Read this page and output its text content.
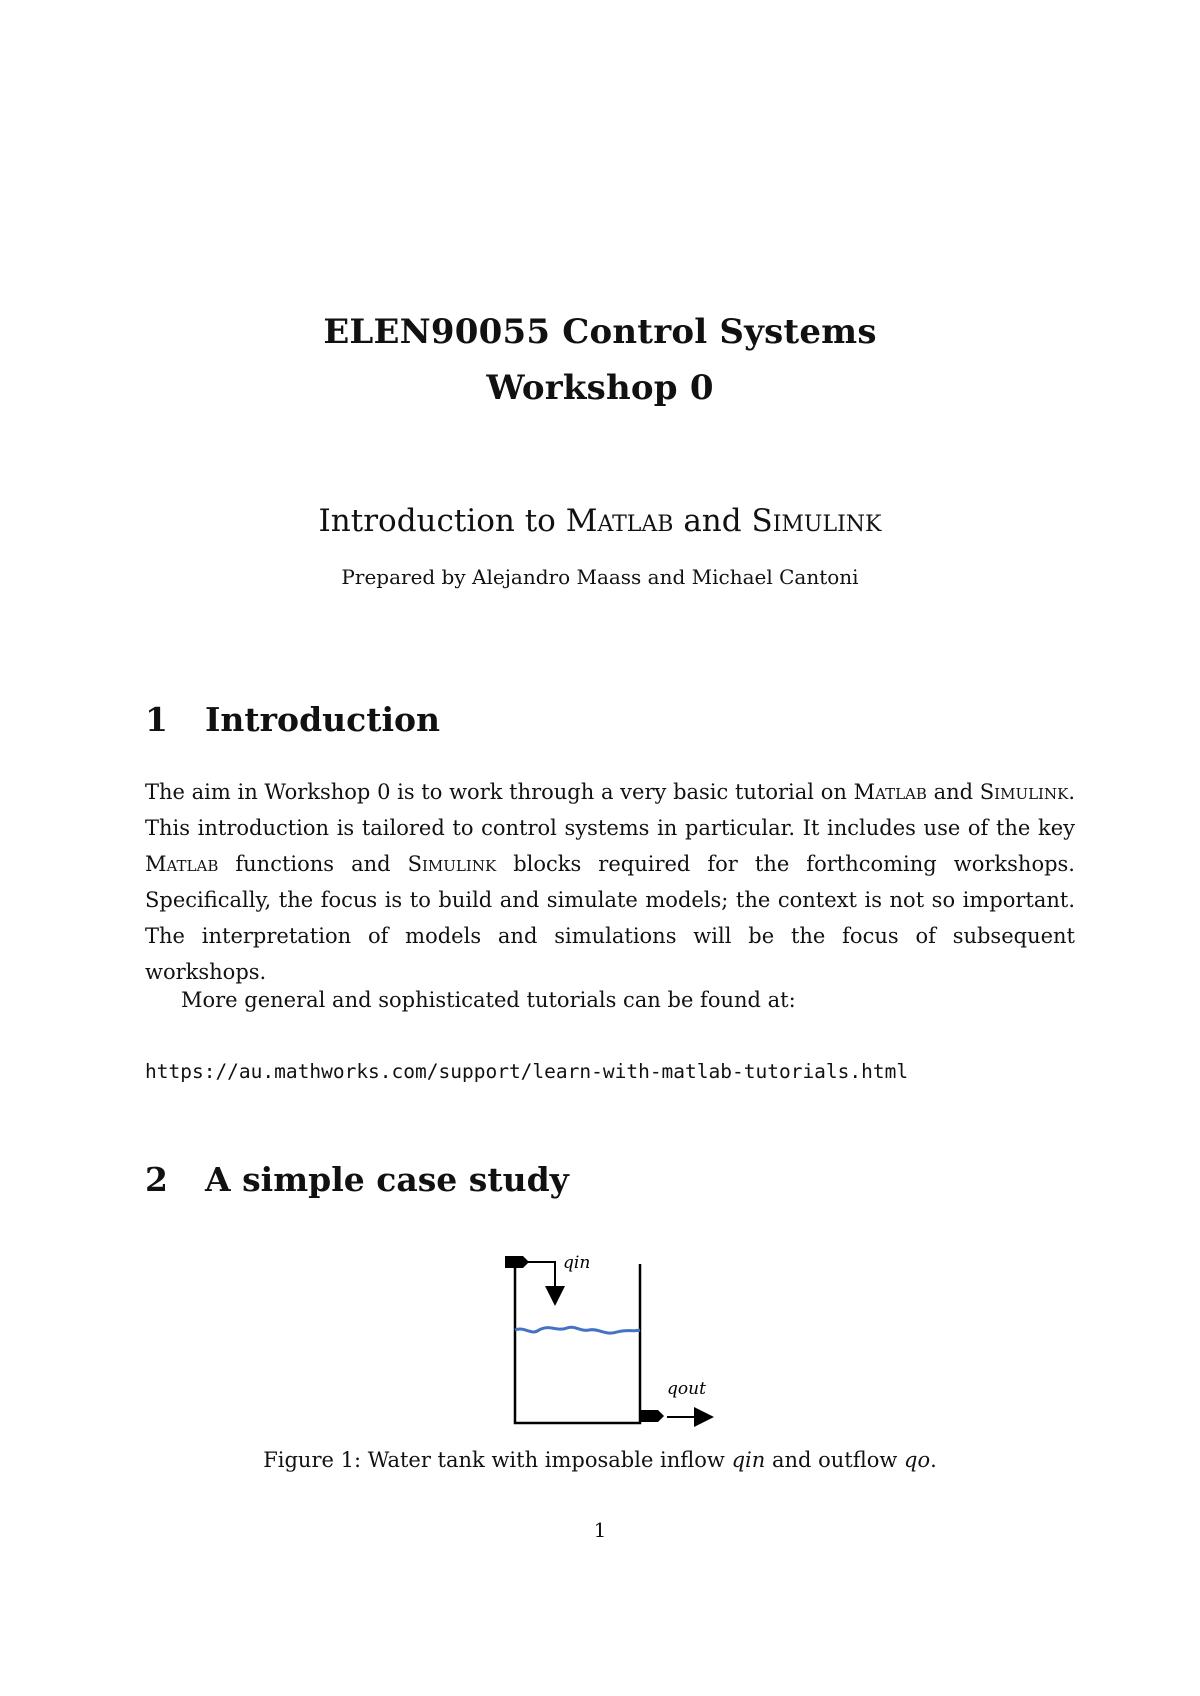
ELEN90055 Control Systems
Workshop 0
Introduction to Matlab and Simulink
Prepared by Alejandro Maass and Michael Cantoni
1 Introduction
The aim in Workshop 0 is to work through a very basic tutorial on Matlab and Simulink. This introduction is tailored to control systems in particular. It includes use of the key Matlab functions and Simulink blocks required for the forthcoming workshops. Specifically, the focus is to build and simulate models; the context is not so important. The interpretation of models and simulations will be the focus of subsequent workshops.
More general and sophisticated tutorials can be found at:
https://au.mathworks.com/support/learn-with-matlab-tutorials.html
2 A simple case study
qin
qout
Figure 1: Water tank with imposable inflow qin and outflow qo.
1
